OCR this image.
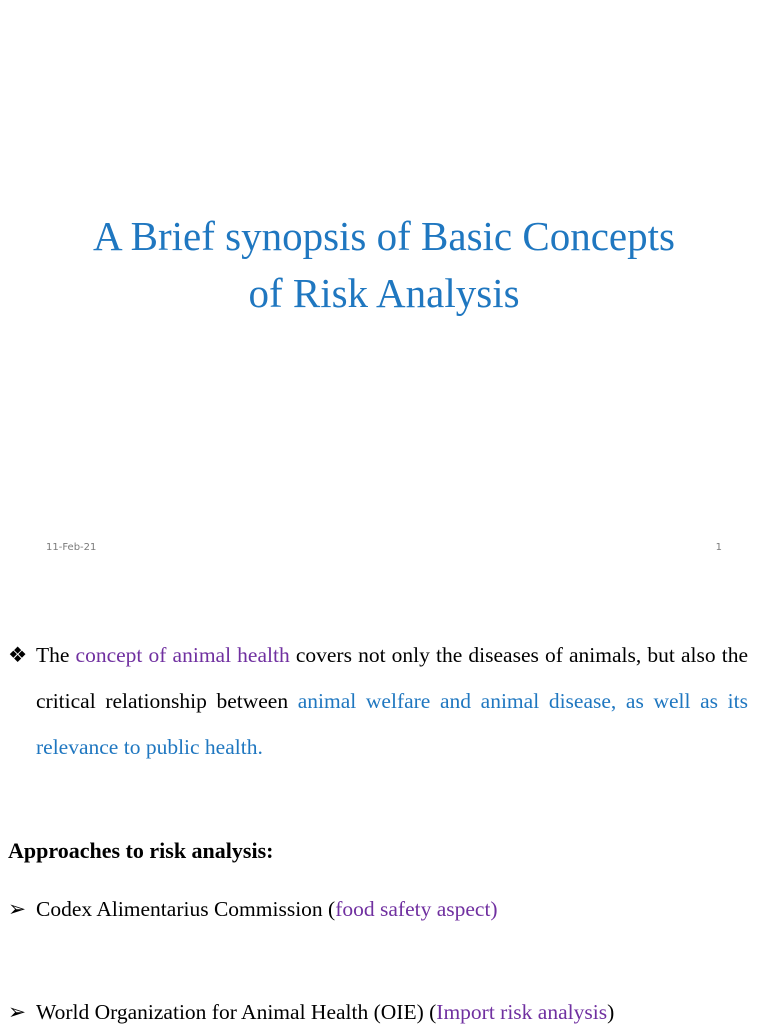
A Brief synopsis of Basic Concepts
of Risk Analysis
11-Feb-21	1
❖ The concept of animal health covers not only the diseases of animals, but also the critical relationship between animal welfare and animal disease, as well as its relevance to public health.
Approaches to risk analysis:
➢ Codex Alimentarius Commission (food safety aspect)
➢ World Organization for Animal Health (OIE) (Import risk analysis)
